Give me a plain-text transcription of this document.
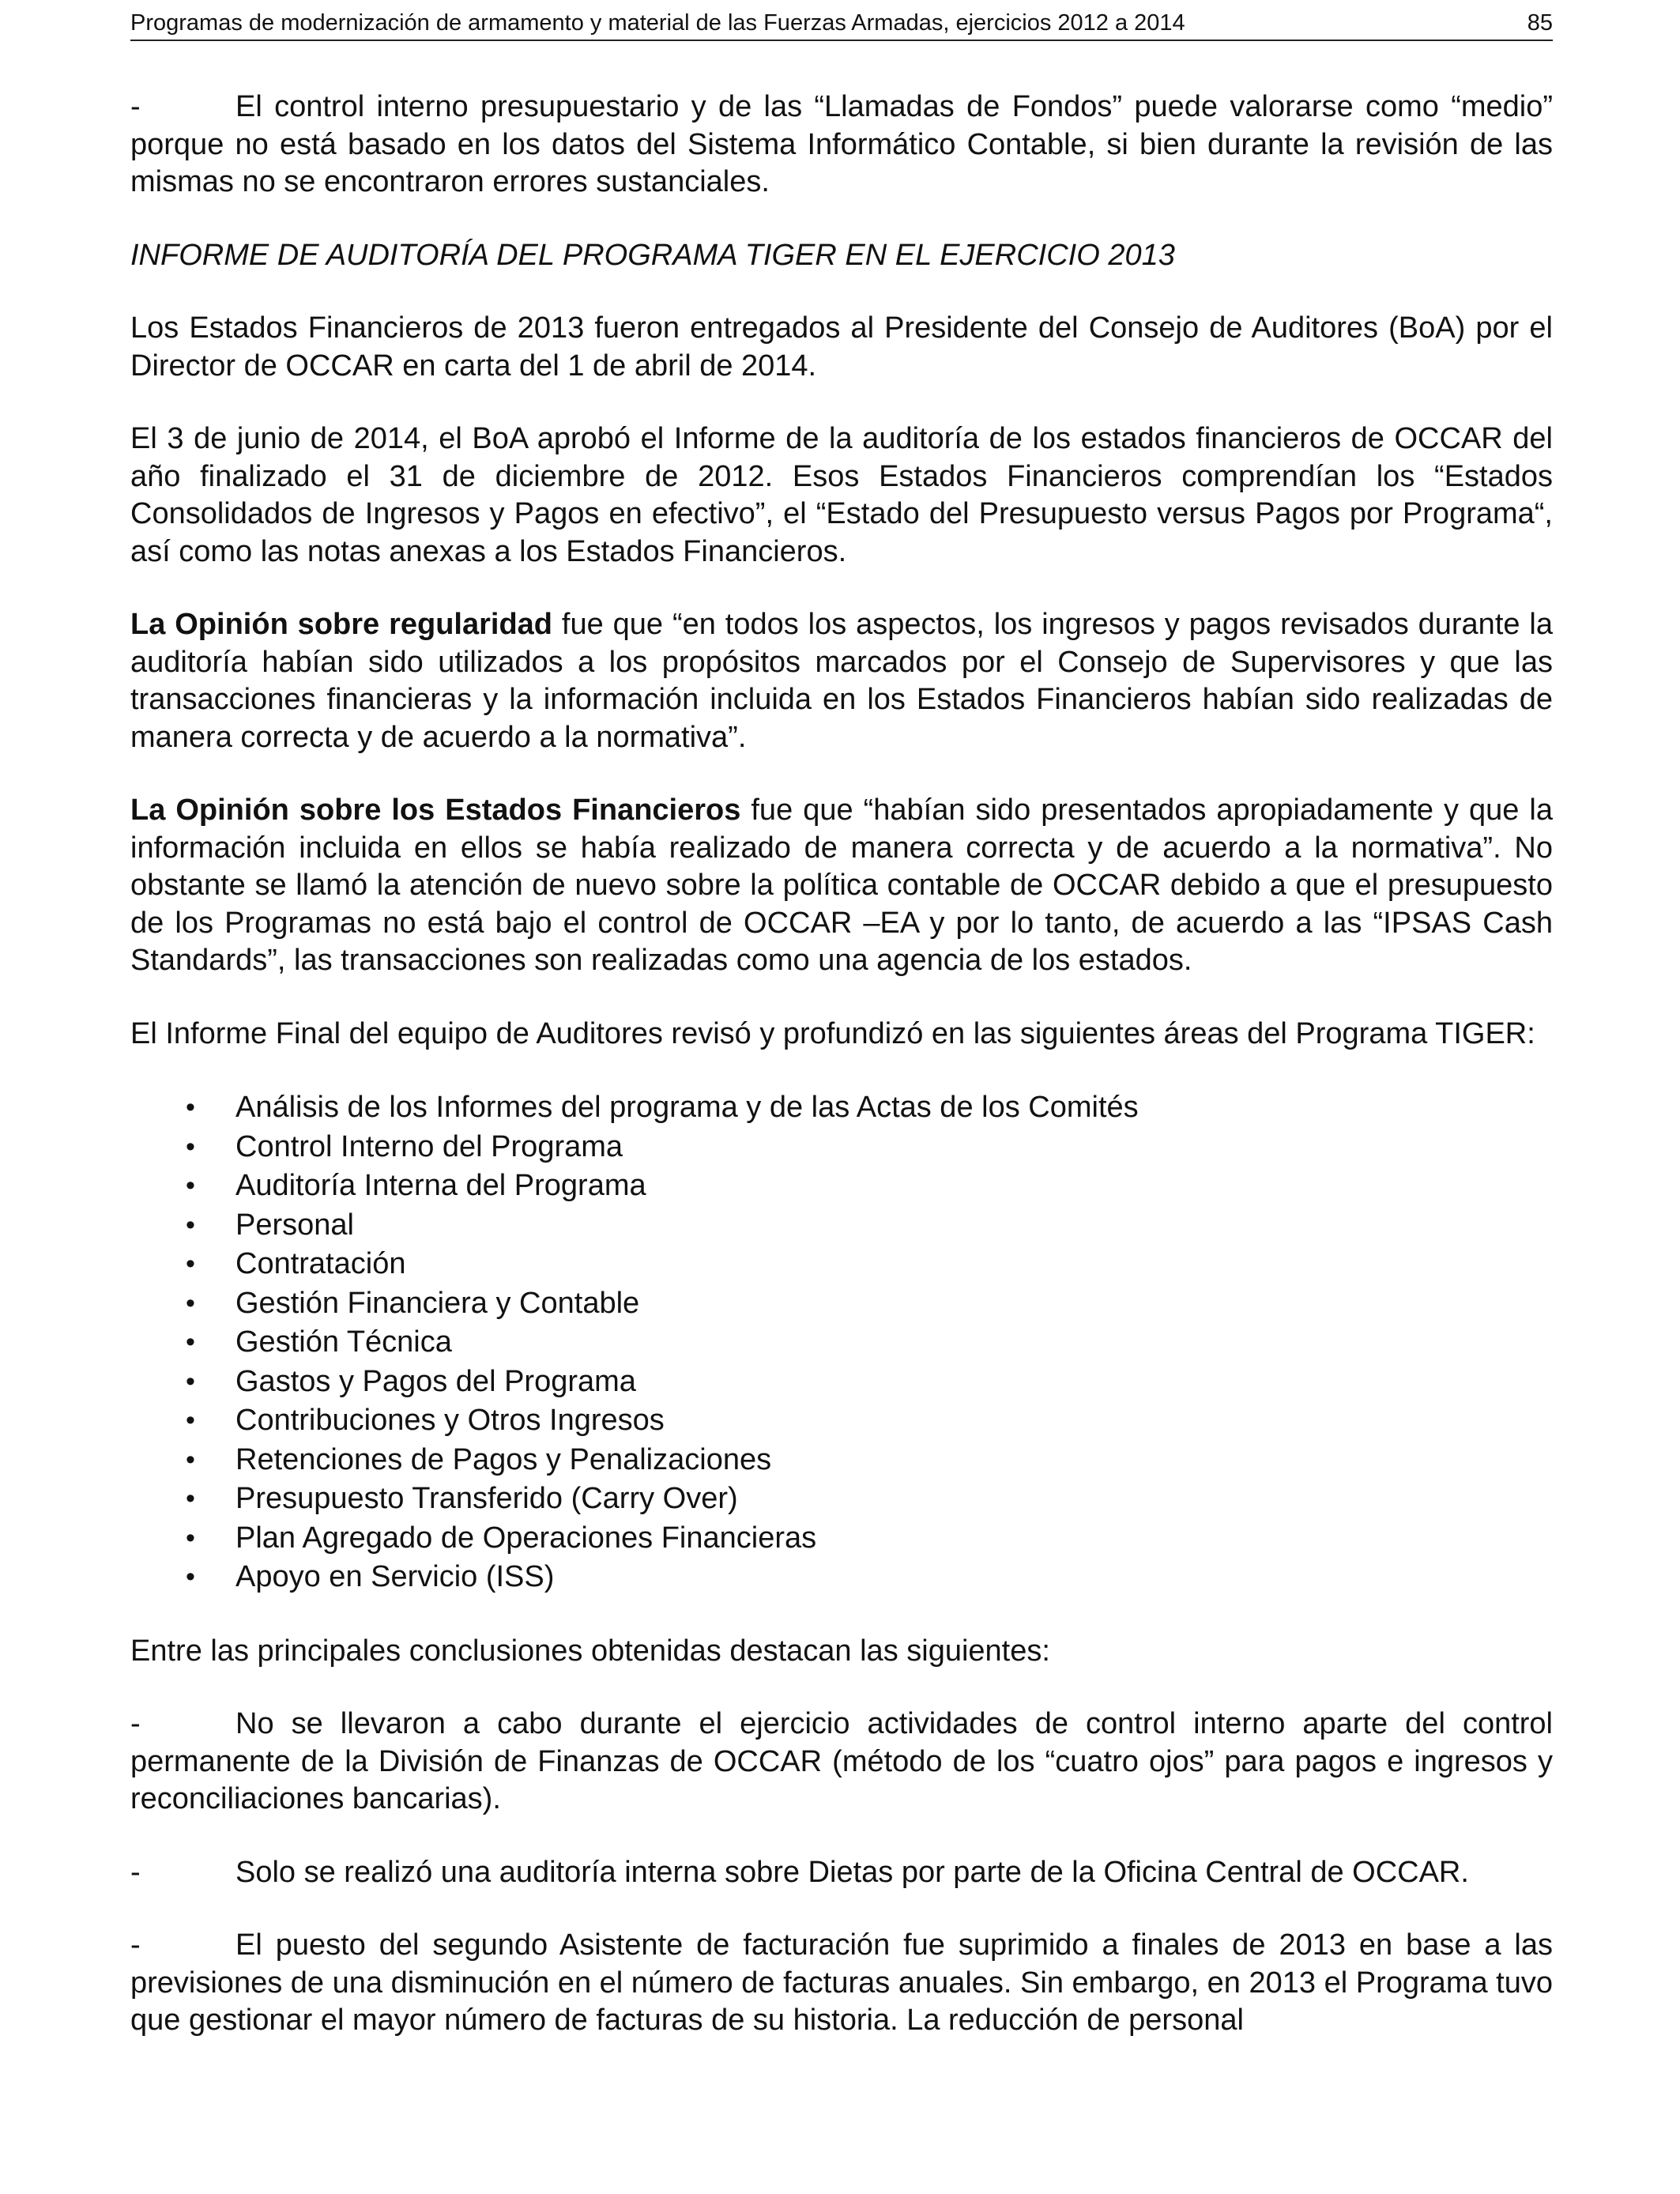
Programas de modernización de armamento y material de las Fuerzas Armadas, ejercicios 2012 a 2014	85

-	El control interno presupuestario y de las “Llamadas de Fondos” puede valorarse como “medio” porque no está basado en los datos del Sistema Informático Contable, si bien durante la revisión de las mismas no se encontraron errores sustanciales.

INFORME DE AUDITORÍA DEL PROGRAMA TIGER EN EL EJERCICIO 2013

Los Estados Financieros de 2013 fueron entregados al Presidente del Consejo de Auditores (BoA) por el Director de OCCAR en carta del 1 de abril de 2014.

El 3 de junio de 2014, el BoA aprobó el Informe de la auditoría de los estados financieros de OCCAR del año finalizado el 31 de diciembre de 2012. Esos Estados Financieros comprendían los “Estados Consolidados de Ingresos y Pagos en efectivo”, el “Estado del Presupuesto versus Pagos por Programa“, así como las notas anexas a los Estados Financieros.

La Opinión sobre regularidad fue que “en todos los aspectos, los ingresos y pagos revisados durante la auditoría habían sido utilizados a los propósitos marcados por el Consejo de Supervisores y que las transacciones financieras y la información incluida en los Estados Financieros habían sido realizadas de manera correcta y de acuerdo a la normativa”.

La Opinión sobre los Estados Financieros fue que “habían sido presentados apropiadamente y que la información incluida en ellos se había realizado de manera correcta y de acuerdo a la normativa”. No obstante se llamó la atención de nuevo sobre la política contable de OCCAR debido a que el presupuesto de los Programas no está bajo el control de OCCAR –EA y por lo tanto, de acuerdo a las “IPSAS Cash Standards”, las transacciones son realizadas como una agencia de los estados.

El Informe Final del equipo de Auditores revisó y profundizó en las siguientes áreas del Programa TIGER:

• Análisis de los Informes del programa y de las Actas de los Comités
• Control Interno del Programa
• Auditoría Interna del Programa
• Personal
• Contratación
• Gestión Financiera y Contable
• Gestión Técnica
• Gastos y Pagos del Programa
• Contribuciones y Otros Ingresos
• Retenciones de Pagos y Penalizaciones
• Presupuesto Transferido (Carry Over)
• Plan Agregado de Operaciones Financieras
• Apoyo en Servicio (ISS)

Entre las principales conclusiones obtenidas destacan las siguientes:

-	No se llevaron a cabo durante el ejercicio actividades de control interno aparte del control permanente de la División de Finanzas de OCCAR (método de los “cuatro ojos” para pagos e ingresos y reconciliaciones bancarias).

-	Solo se realizó una auditoría interna sobre Dietas por parte de la Oficina Central de OCCAR.

-	El puesto del segundo Asistente de facturación fue suprimido a finales de 2013 en base a las previsiones de una disminución en el número de facturas anuales. Sin embargo, en 2013 el Programa tuvo que gestionar el mayor número de facturas de su historia. La reducción de personal
